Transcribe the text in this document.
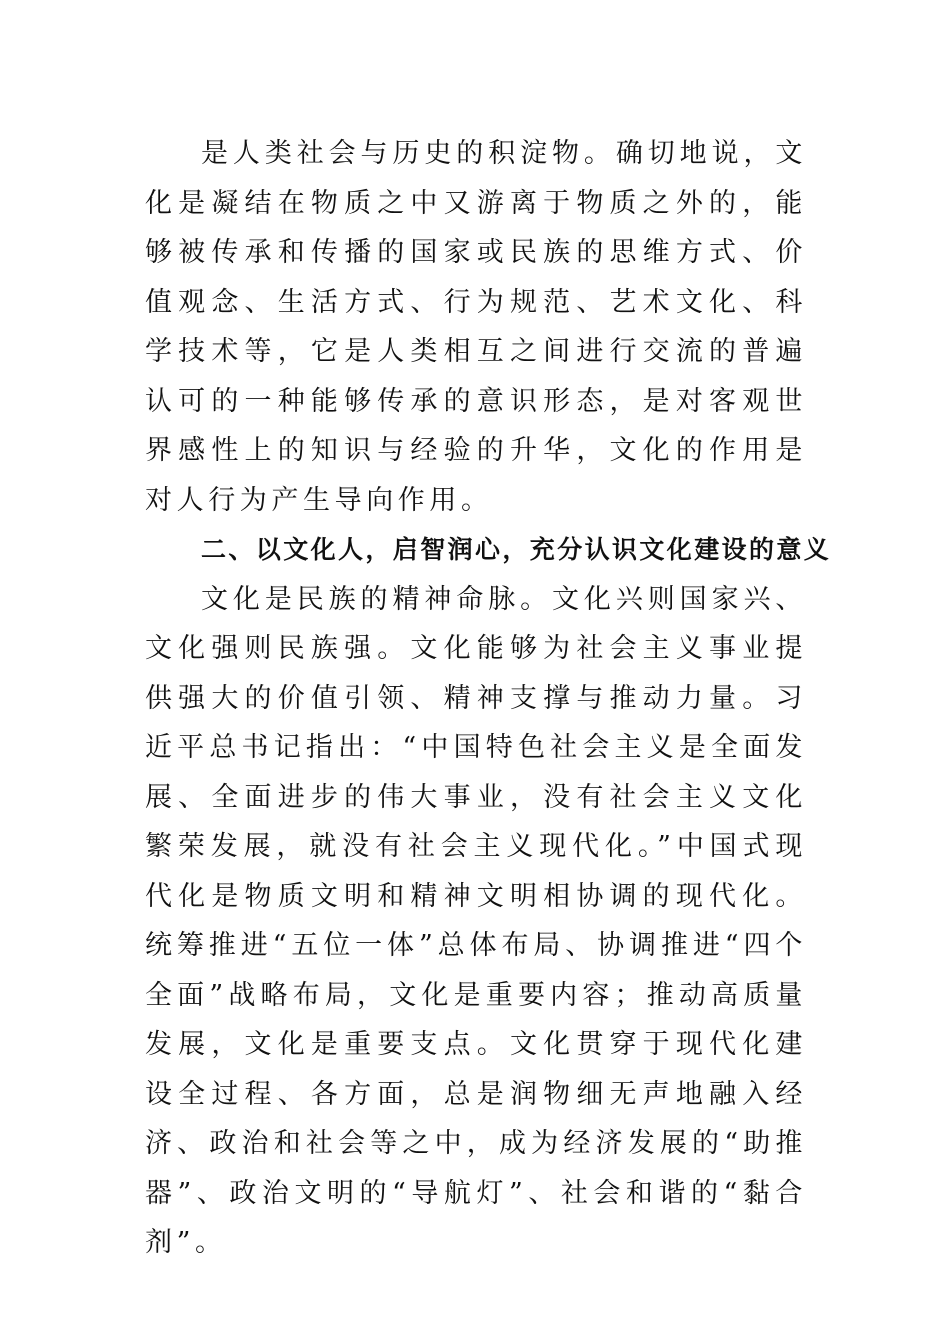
是人类社会与历史的积淀物。确切地说，文化是凝结在物质之中又游离于物质之外的，能够被传承和传播的国家或民族的思维方式、价值观念、生活方式、行为规范、艺术文化、科学技术等，它是人类相互之间进行交流的普遍认可的一种能够传承的意识形态，是对客观世界感性上的知识与经验的升华，文化的作用是对人行为产生导向作用。

二、以文化人，启智润心，充分认识文化建设的意义

文化是民族的精神命脉。文化兴则国家兴、文化强则民族强。文化能够为社会主义事业提供强大的价值引领、精神支撑与推动力量。习近平总书记指出：“中国特色社会主义是全面发展、全面进步的伟大事业，没有社会主义文化繁荣发展，就没有社会主义现代化。”中国式现代化是物质文明和精神文明相协调的现代化。统筹推进“五位一体”总体布局、协调推进“四个全面”战略布局，文化是重要内容；推动高质量发展，文化是重要支点。文化贯穿于现代化建设全过程、各方面，总是润物细无声地融入经济、政治和社会等之中，成为经济发展的“助推器”、政治文明的“导航灯”、社会和谐的“黏合剂”。
